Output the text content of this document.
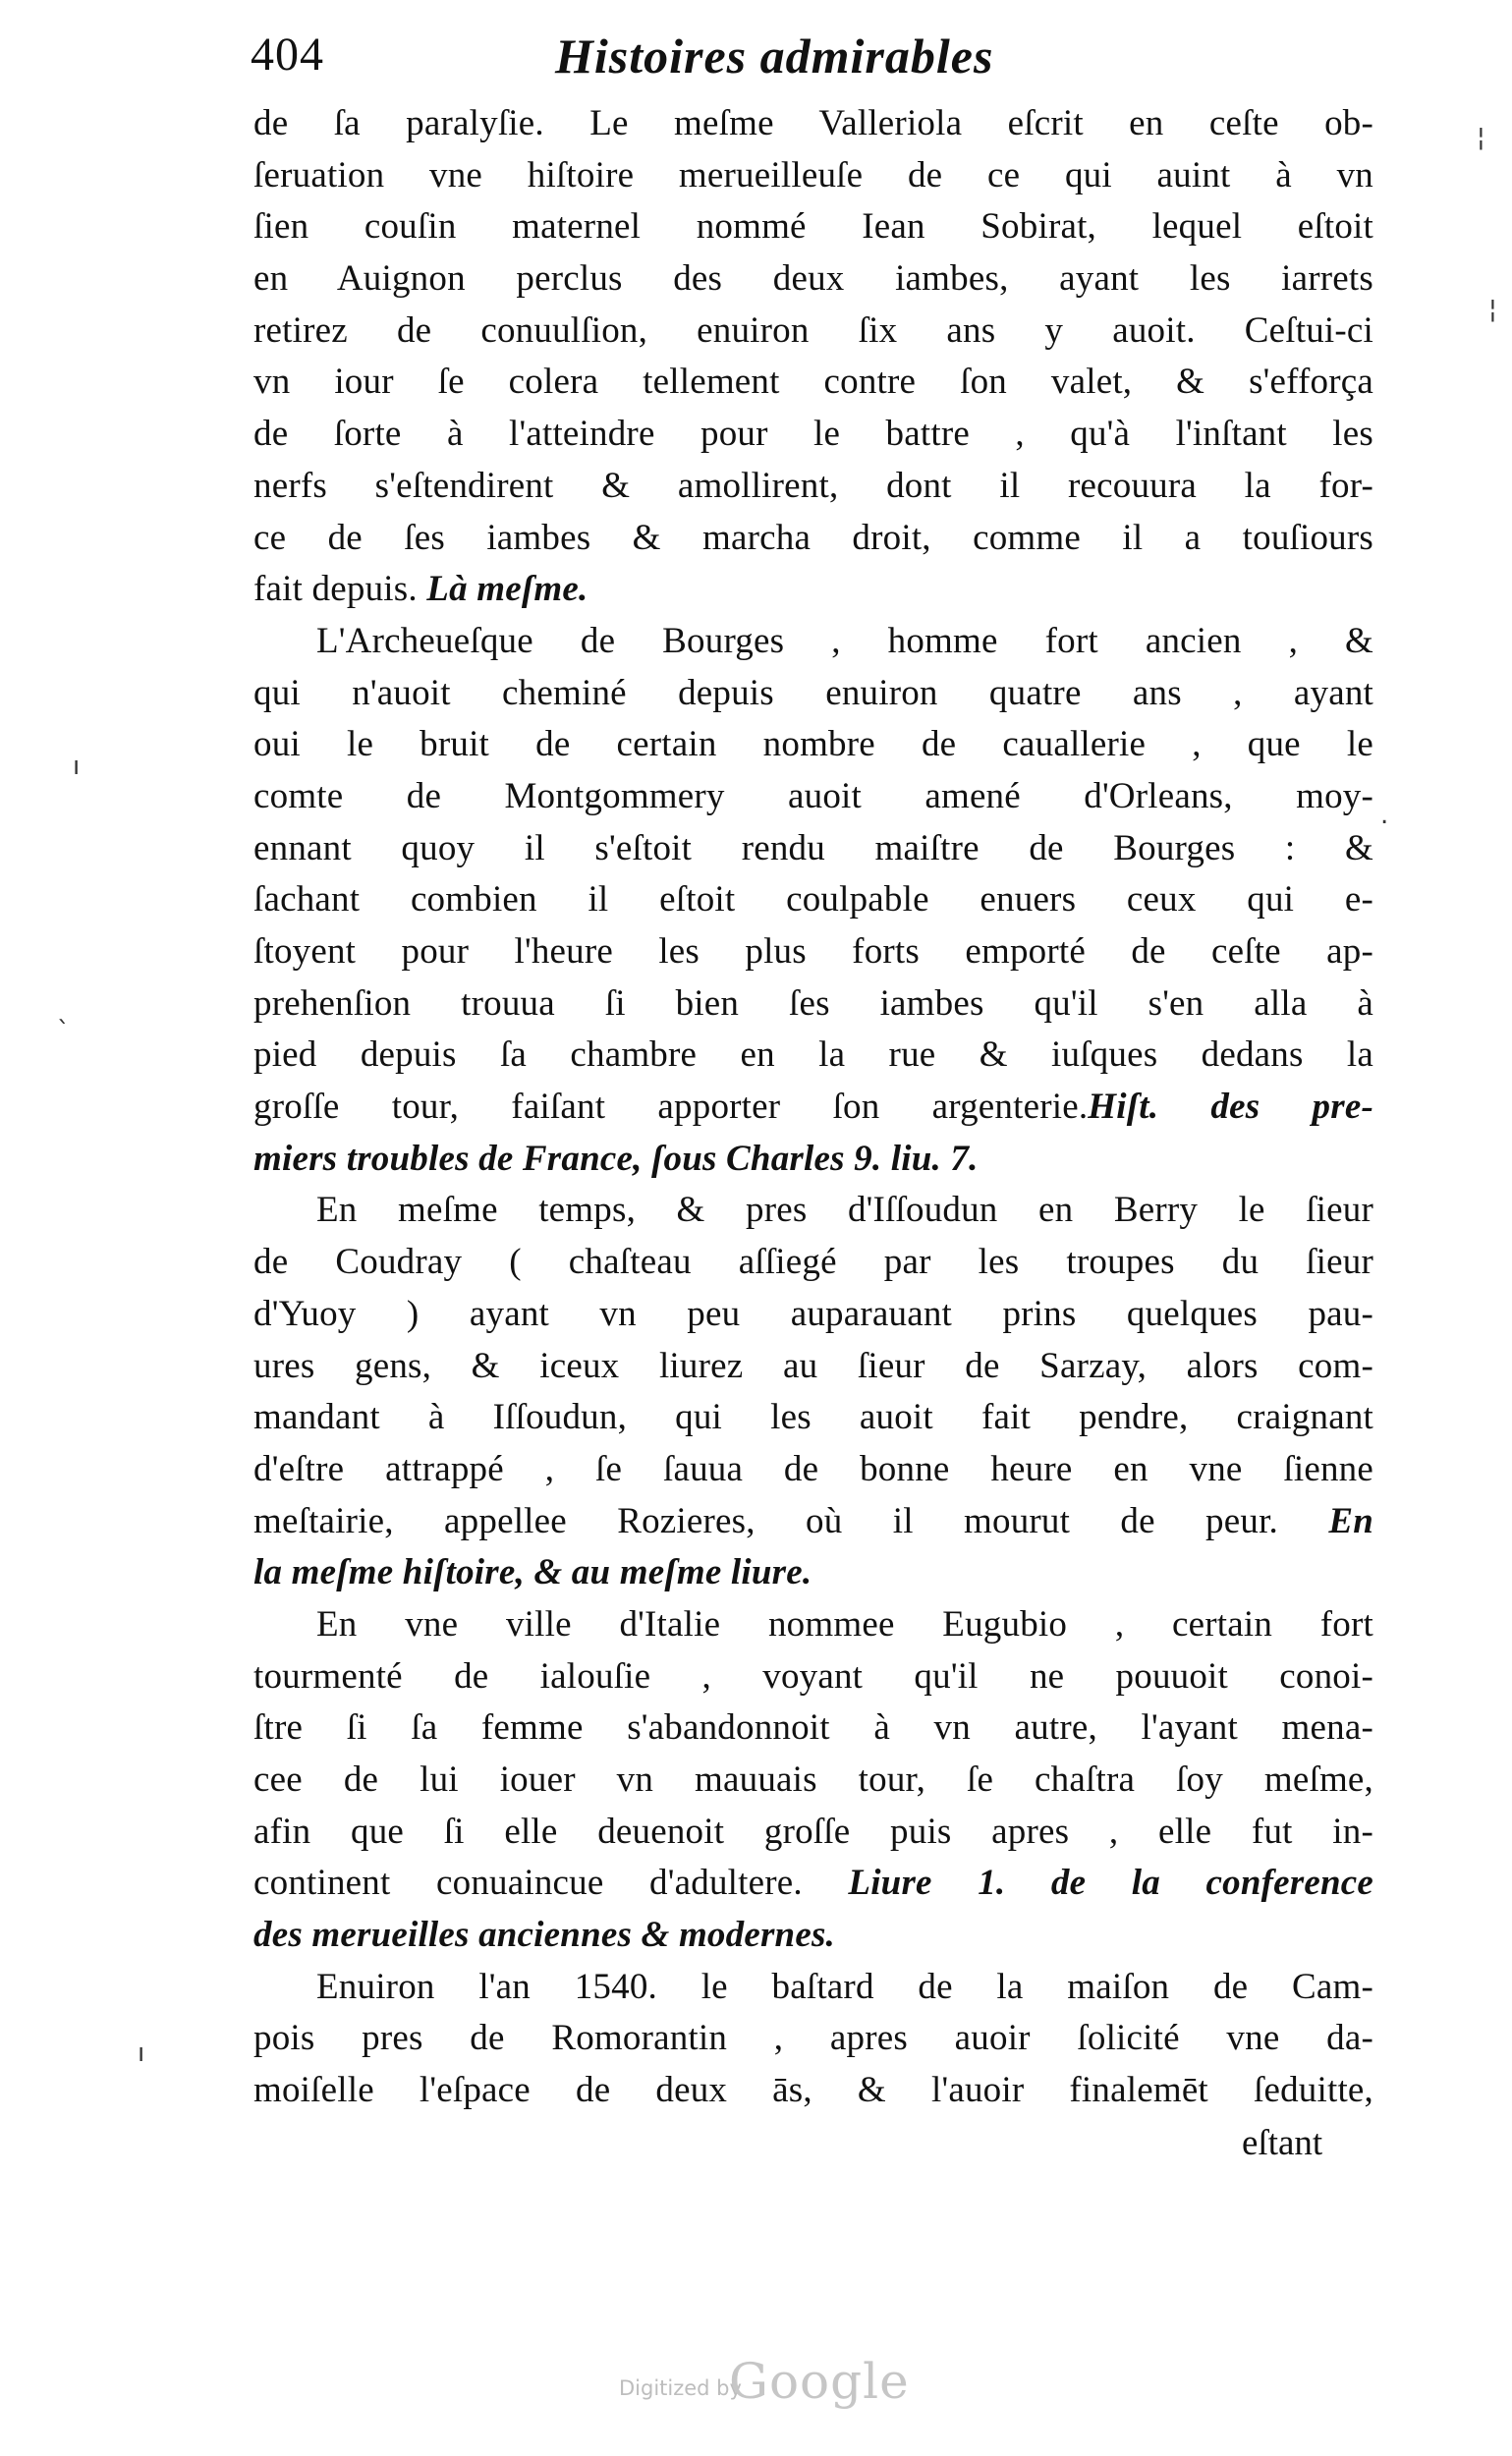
404	Histoires admirables
de ſa paralyſie. Le meſme Valleriola eſcrit en ceſte ob-
ſeruation vne hiſtoire merueilleuſe de ce qui auint à vn
ſien couſin maternel nommé Iean Sobirat, lequel eſtoit
en Auignon perclus des deux iambes, ayant les iarrets
retirez de conuulſion, enuiron ſix ans y auoit. Ceſtui-ci
vn iour ſe colera tellement contre ſon valet, & s'efforça
de ſorte à l'atteindre pour le battre , qu'à l'inſtant les
nerfs s'eſtendirent & amollirent, dont il recouura la for-
ce de ſes iambes & marcha droit, comme il a touſiours
fait depuis. Là meſme.
L'Archeueſque de Bourges , homme fort ancien , &
qui n'auoit cheminé depuis enuiron quatre ans , ayant
oui le bruit de certain nombre de cauallerie , que le
comte de Montgommery auoit amené d'Orleans, moy-
ennant quoy il s'eſtoit rendu maiſtre de Bourges : &
ſachant combien il eſtoit coulpable enuers ceux qui e-
ſtoyent pour l'heure les plus forts emporté de ceſte ap-
prehenſion trouua ſi bien ſes iambes qu'il s'en alla à
pied depuis ſa chambre en la rue & iuſques dedans la
groſſe tour, faiſant apporter ſon argenterie.Hiſt. des pre-
miers troubles de France, ſous Charles 9. liu. 7.
En meſme temps, & pres d'Iſſoudun en Berry le ſieur
de Coudray ( chaſteau aſſiegé par les troupes du ſieur
d'Yuoy ) ayant vn peu auparauant prins quelques pau-
ures gens, & iceux liurez au ſieur de Sarzay, alors com-
mandant à Iſſoudun, qui les auoit fait pendre, craignant
d'eſtre attrappé , ſe ſauua de bonne heure en vne ſienne
meſtairie, appellee Rozieres, où il mourut de peur. En
la meſme hiſtoire, & au meſme liure.
En vne ville d'Italie nommee Eugubio , certain fort
tourmenté de ialouſie , voyant qu'il ne pouuoit conoi-
ſtre ſi ſa femme s'abandonnoit à vn autre, l'ayant mena-
cee de lui iouer vn mauuais tour, ſe chaſtra ſoy meſme,
afin que ſi elle deuenoit groſſe puis apres , elle fut in-
continent conuaincue d'adultere. Liure 1. de la conference
des merueilles anciennes & modernes.
Enuiron l'an 1540. le baſtard de la maiſon de Cam-
pois pres de Romorantin , apres auoir ſolicité vne da-
moiſelle l'eſpace de deux ās, & l'auoir finalemēt ſeduitte,
eſtant
ı
.
ˋ
ı
¦
¦
Digitized by
Google
